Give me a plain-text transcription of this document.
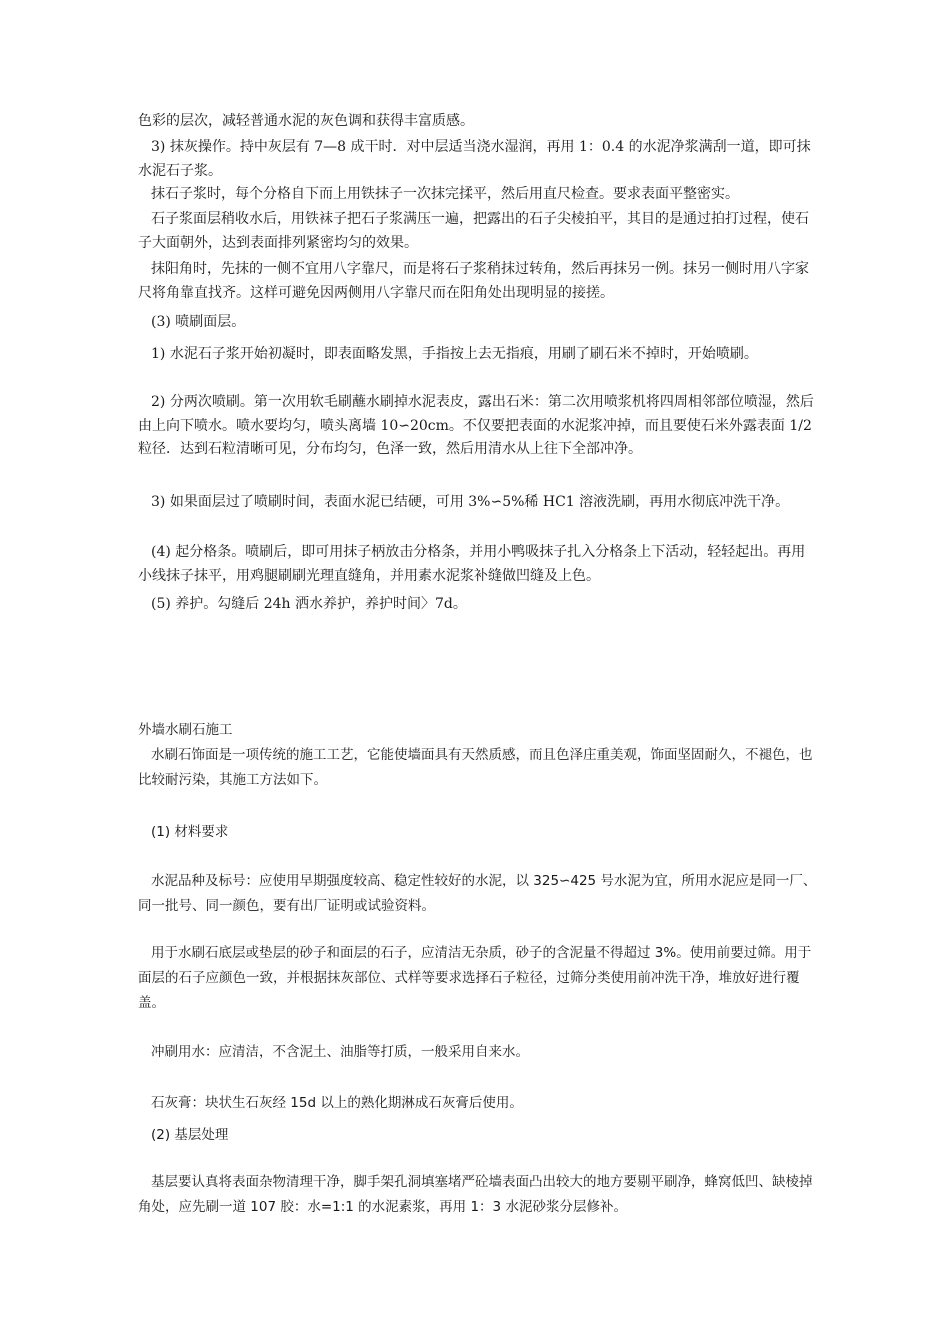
色彩的层次，减轻普通水泥的灰色调和获得丰富质感。

3) 抹灰操作。持中灰层有 7—8 成干时．对中层适当浇水湿润，再用 1：0.4 的水泥净浆满刮一道，即可抹水泥石子浆。

抹石子浆时，每个分格自下而上用铁抹子一次抹完揉平，然后用直尺检查。要求表面平整密实。

石子浆面层稍收水后，用铁袜子把石子浆满压一遍，把露出的石子尖棱拍平，其目的是通过拍打过程，使石子大面朝外，达到表面排列紧密均匀的效果。

抹阳角时，先抹的一侧不宜用八字靠尺，而是将石子浆稍抹过转角，然后再抹另一例。抹另一侧时用八字家尺将角靠直找齐。这样可避免因两侧用八字靠尺而在阳角处出现明显的接搓。

(3) 喷刷面层。

1) 水泥石子浆开始初凝时，即表面略发黑，手指按上去无指痕，用刷了刷石米不掉时，开始喷刷。

2) 分两次喷刷。第一次用软毛刷蘸水刷掉水泥表皮，露出石米：第二次用喷浆机将四周相邻部位喷湿，然后由上向下喷水。喷水要均匀，喷头离墙 10∽20cm。不仅要把表面的水泥浆冲掉，而且要使石米外露表面 1/2 粒径．达到石粒清晰可见，分布均匀，色泽一致，然后用清水从上往下全部冲净。

3) 如果面层过了喷刷时间，表面水泥已结硬，可用 3%∽5%稀 HC1 溶液洗刷，再用水彻底冲洗干净。

(4) 起分格条。喷刷后，即可用抹子柄放击分格条，并用小鸭吸抹子扎入分格条上下活动，轻轻起出。再用小线抹子抹平，用鸡腿刷刷光理直缝角，并用素水泥浆补缝做凹缝及上色。

(5) 养护。勾缝后 24h 洒水养护，养护时间〉7d。

外墙水刷石施工

水刷石饰面是一项传统的施工工艺，它能使墙面具有天然质感，而且色泽庄重美观，饰面坚固耐久，不褪色，也比较耐污染，其施工方法如下。

(1) 材料要求

水泥品种及标号：应使用早期强度较高、稳定性较好的水泥，以 325∽425 号水泥为宜，所用水泥应是同一厂、同一批号、同一颜色，要有出厂证明或试验资料。

用于水刷石底层或垫层的砂子和面层的石子，应清洁无杂质，砂子的含泥量不得超过 3%。使用前要过筛。用于面层的石子应颜色一致，并根据抹灰部位、式样等要求选择石子粒径，过筛分类使用前冲洗干净，堆放好进行覆盖。

冲刷用水：应清洁，不含泥土、油脂等打质，一般采用自来水。

石灰膏：块状生石灰经 15d 以上的熟化期淋成石灰膏后使用。

(2) 基层处理

基层要认真将表面杂物清理干净，脚手架孔洞填塞堵严砼墙表面凸出较大的地方要剔平刷净，蜂窝低凹、缺棱掉角处，应先刷一道 107 胶：水=1:1 的水泥素浆，再用 1：3 水泥砂浆分层修补。
